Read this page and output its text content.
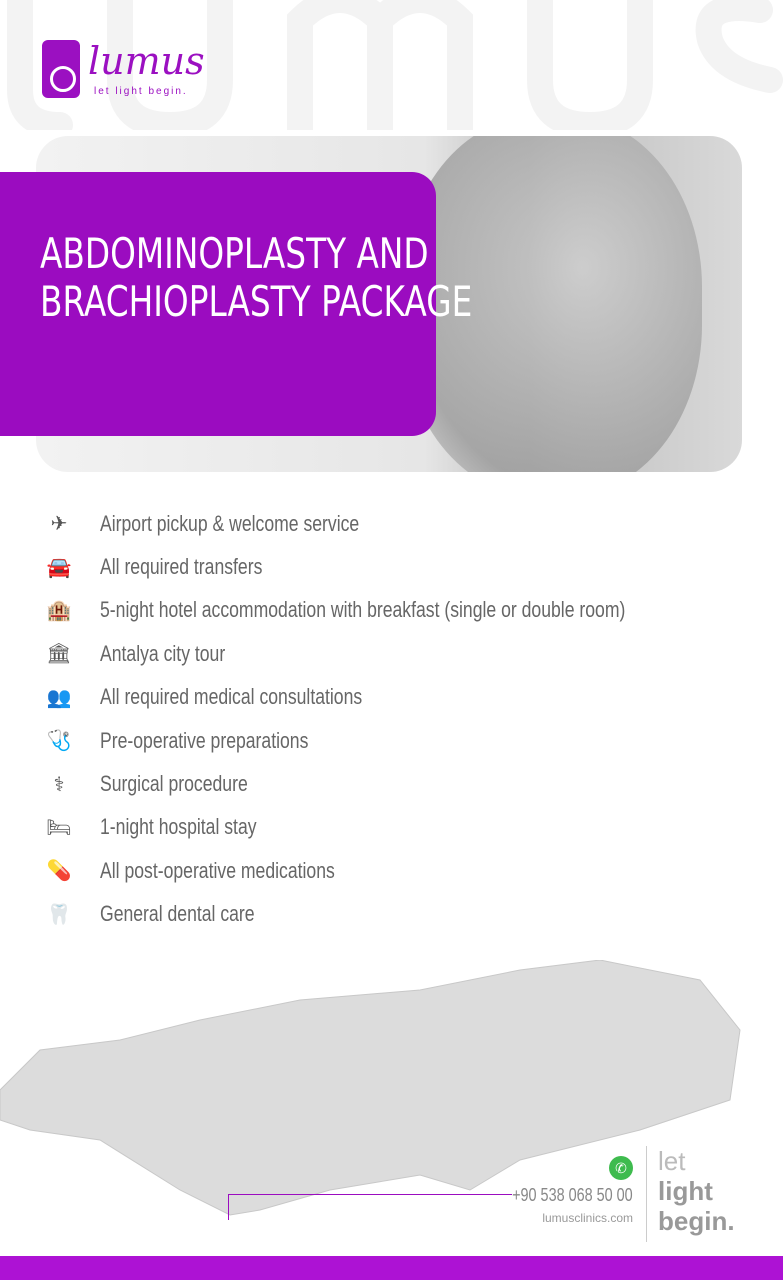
lumus
let light begin.
ABDOMINOPLASTY AND BRACHIOPLASTY PACKAGE
✈	Airport pickup & welcome service
🚘 All required transfers
🏨 5-night hotel accommodation with breakfast (single or double room)
🏛 Antalya city tour
👥 All required medical consultations
🩺 Pre-operative preparations
⚕	Surgical procedure
🛏 1-night hospital stay
💊 All post-operative medications
🦷 General dental care
✆
+90 538 068 50 00
lumusclinics.com
let
light
begin.
